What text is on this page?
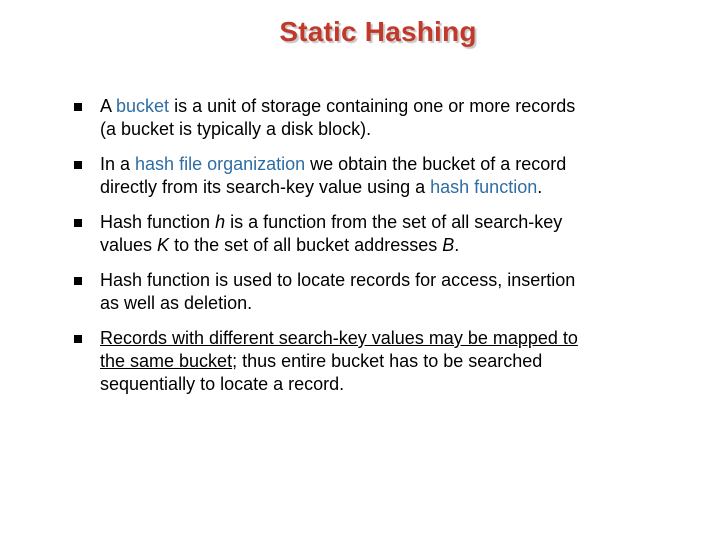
Static Hashing
A bucket is a unit of storage containing one or more records
(a bucket is typically a disk block).
In a hash file organization we obtain the bucket of a record
directly from its search-key value using a hash function.
Hash function h is a function from the set of all search-key
values K to the set of all bucket addresses B.
Hash function is used to locate records for access, insertion
as well as deletion.
Records with different search-key values may be mapped to
the same bucket; thus entire bucket has to be searched
sequentially to locate a record.
